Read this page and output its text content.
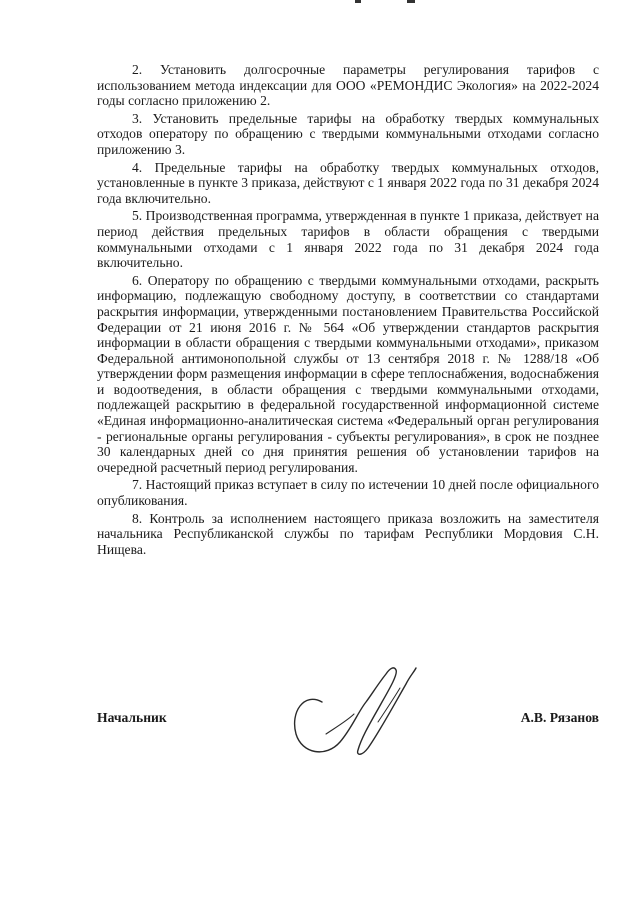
2. Установить долгосрочные параметры регулирования тарифов с использованием метода индексации для ООО «РЕМОНДИС Экология» на 2022-2024 годы согласно приложению 2.

3. Установить предельные тарифы на обработку твердых коммунальных отходов оператору по обращению с твердыми коммунальными отходами согласно приложению 3.

4. Предельные тарифы на обработку твердых коммунальных отходов, установленные в пункте 3 приказа, действуют с 1 января 2022 года по 31 декабря 2024 года включительно.

5. Производственная программа, утвержденная в пункте 1 приказа, действует на период действия предельных тарифов в области обращения с твердыми коммунальными отходами с 1 января 2022 года по 31 декабря 2024 года включительно.

6. Оператору по обращению с твердыми коммунальными отходами, раскрыть информацию, подлежащую свободному доступу, в соответствии со стандартами раскрытия информации, утвержденными постановлением Правительства Российской Федерации от 21 июня 2016 г. № 564 «Об утверждении стандартов раскрытия информации в области обращения с твердыми коммунальными отходами», приказом Федеральной антимонопольной службы от 13 сентября 2018 г. № 1288/18 «Об утверждении форм размещения информации в сфере теплоснабжения, водоснабжения и водоотведения, в области обращения с твердыми коммунальными отходами, подлежащей раскрытию в федеральной государственной информационной системе «Единая информационно-аналитическая система «Федеральный орган регулирования - региональные органы регулирования - субъекты регулирования», в срок не позднее 30 календарных дней со дня принятия решения об установлении тарифов на очередной расчетный период регулирования.

7. Настоящий приказ вступает в силу по истечении 10 дней после официального опубликования.

8. Контроль за исполнением настоящего приказа возложить на заместителя начальника Республиканской службы по тарифам Республики Мордовия С.Н. Нищева.

Начальник	А.В. Рязанов
